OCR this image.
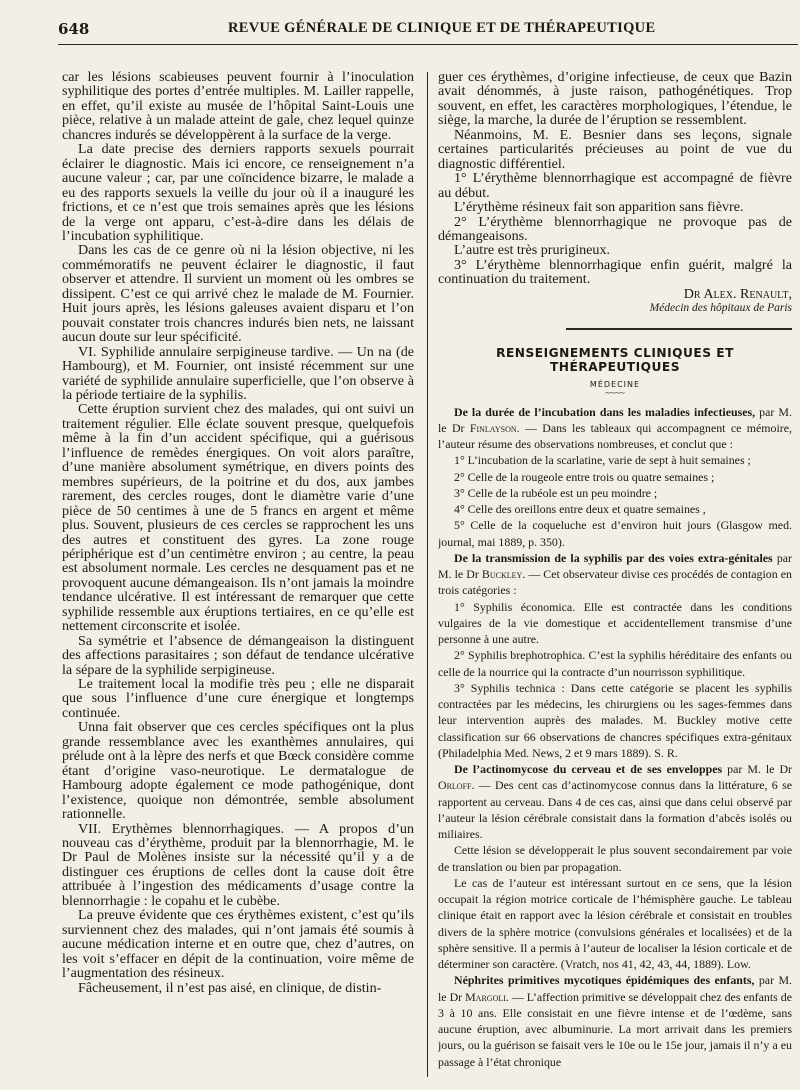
648	REVUE GÉNÉRALE DE CLINIQUE ET DE THÉRAPEUTIQUE

car les lésions scabieuses peuvent fournir à l’inoculation syphilitique des portes d’entrée multiples. M. Lailler rappelle, en effet, qu’il existe au musée de l’hôpital Saint-Louis une pièce, relative à un malade atteint de gale, chez lequel quinze chancres indurés se développèrent à la surface de la verge.

La date precise des derniers rapports sexuels pourrait éclairer le diagnostic. Mais ici encore, ce renseignement n’a aucune valeur ; car, par une coïncidence bizarre, le malade a eu des rapports sexuels la veille du jour où il a inauguré les frictions, et ce n’est que trois semaines après que les lésions de la verge ont apparu, c’est-à-dire dans les délais de l’incubation syphilitique.

Dans les cas de ce genre où ni la lésion objective, ni les commémoratifs ne peuvent éclairer le diagnostic, il faut observer et attendre. Il survient un moment où les ombres se dissipent. C’est ce qui arrivé chez le malade de M. Fournier. Huit jours après, les lésions galeuses avaient disparu et l’on pouvait constater trois chancres indurés bien nets, ne laissant aucun doute sur leur spécificité.

VI. Syphilide annulaire serpigineuse tardive. — Un na (de Hambourg), et M. Fournier, ont insisté récemment sur une variété de syphilide annulaire superficielle, que l’on observe à la période tertiaire de la syphilis.

Cette éruption survient chez des malades, qui ont suivi un traitement régulier. Elle éclate souvent presque, quelquefois même à la fin d’un accident spécifique, qui a guérisous l’influence de remèdes énergiques. On voit alors paraître, d’une manière absolument symétrique, en divers points des membres supérieurs, de la poitrine et du dos, aux jambes rarement, des cercles rouges, dont le diamètre varie d’une pièce de 50 centimes à une de 5 francs en argent et même plus. Souvent, plusieurs de ces cercles se rapprochent les uns des autres et constituent des gyres. La zone rouge périphérique est d’un centimètre environ ; au centre, la peau est absolument normale. Les cercles ne desquament pas et ne provoquent aucune démangeaison. Ils n’ont jamais la moindre tendance ulcérative. Il est intéressant de remarquer que cette syphilide ressemble aux éruptions tertiaires, en ce qu’elle est nettement circonscrite et isolée.

Sa symétrie et l’absence de démangeaison la distinguent des affections parasitaires ; son défaut de tendance ulcérative la sépare de la syphilide serpigineuse.

Le traitement local la modifie très peu ; elle ne disparait que sous l’influence d’une cure énergique et longtemps continuée.

Unna fait observer que ces cercles spécifiques ont la plus grande ressemblance avec les exanthèmes annulaires, qui prélude ont à la lèpre des nerfs et que Bœck considère comme étant d’origine vaso-neurotique. Le dermatalogue de Hambourg adopte également ce mode pathogénique, dont l’existence, quoique non démontrée, semble absolument rationnelle.

VII. Erythèmes blennorrhagiques. — A propos d’un nouveau cas d’érythème, produit par la blennorrhagie, M. le Dr Paul de Molènes insiste sur la nécessité qu’il y a de distinguer ces éruptions de celles dont la cause doit être attribuée à l’ingestion des médicaments d’usage contre la blennorrhagie : le copahu et le cubèbe.

La preuve évidente que ces érythèmes existent, c’est qu’ils surviennent chez des malades, qui n’ont jamais été soumis à aucune médication interne et en outre que, chez d’autres, on les voit s’effacer en dépit de la continuation, voire même de l’augmentation des résineux.

Fâcheusement, il n’est pas aisé, en clinique, de distin-

guer ces érythèmes, d’origine infectieuse, de ceux que Bazin avait dénommés, à juste raison, pathogénétiques. Trop souvent, en effet, les caractères morphologiques, l’étendue, le siège, la marche, la durée de l’éruption se ressemblent.

Néanmoins, M. E. Besnier dans ses leçons, signale certaines particularités précieuses au point de vue du diagnostic différentiel.

1° L’érythème blennorrhagique est accompagné de fièvre au début.

L’érythème résineux fait son apparition sans fièvre.

2° L’érythème blennorrhagique ne provoque pas de démangeaisons.

L’autre est très prurigineux.

3° L’érythème blennorrhagique enfin guérit, malgré la continuation du traitement.

Dr Alex. Renault,

Médecin des hôpitaux de Paris

RENSEIGNEMENTS CLINIQUES ET THÉRAPEUTIQUES
MÉDECINE
~~~~

De la durée de l’incubation dans les maladies infectieuses, par M. le Dr Finlayson. — Dans les tableaux qui accompagnent ce mémoire, l’auteur résume des observations nombreuses, et conclut que :

1° L’incubation de la scarlatine, varie de sept à huit semaines ;

2° Celle de la rougeole entre trois ou quatre semaines ;

3° Celle de la rubéole est un peu moindre ;

4° Celle des oreillons entre deux et quatre semaines ,

5° Celle de la coqueluche est d’environ huit jours (Glasgow med. journal, mai 1889, p. 350).

De la transmission de la syphilis par des voies extra-génitales par M. le Dr Buckley. — Cet observateur divise ces procédés de contagion en trois catégories :

1° Syphilis économica. Elle est contractée dans les conditions vulgaires de la vie domestique et accidentellement transmise d’une personne à une autre.

2° Syphilis brephotrophica. C’est la syphilis héréditaire des enfants ou celle de la nourrice qui la contracte d’un nourrisson syphilitique.

3° Syphilis technica : Dans cette catégorie se placent les syphilis contractées par les médecins, les chirurgiens ou les sages-femmes dans leur intervention auprès des malades. M. Buckley motive cette classification sur 66 observations de chancres spécifiques extra-génitaux (Philadelphia Med. News, 2 et 9 mars 1889). S. R.

De l’actinomycose du cerveau et de ses enveloppes par M. le Dr Orloff. — Des cent cas d’actinomycose connus dans la littérature, 6 se rapportent au cerveau. Dans 4 de ces cas, ainsi que dans celui observé par l’auteur la lésion cérébrale consistait dans la formation d’abcès isolés ou miliaires.

Cette lésion se développerait le plus souvent secondairement par voie de translation ou bien par propagation.

Le cas de l’auteur est intéressant surtout en ce sens, que la lésion occupait la région motrice corticale de l’hémisphère gauche. Le tableau clinique était en rapport avec la lésion cérébrale et consistait en troubles divers de la sphère motrice (convulsions générales et localisées) et de la sphère sensitive. Il a permis à l’auteur de localiser la lésion corticale et de déterminer son caractère. (Vratch, nos 41, 42, 43, 44, 1889). Low.

Néphrites primitives mycotiques épidémiques des enfants, par M. le Dr Margoli. — L’affection primitive se développait chez des enfants de 3 à 10 ans. Elle consistait en une fièvre intense et de l’œdème, sans aucune éruption, avec albuminurie. La mort arrivait dans les premiers jours, ou la guérison se faisait vers le 10e ou le 15e jour, jamais il n’y a eu passage à l’état chronique
